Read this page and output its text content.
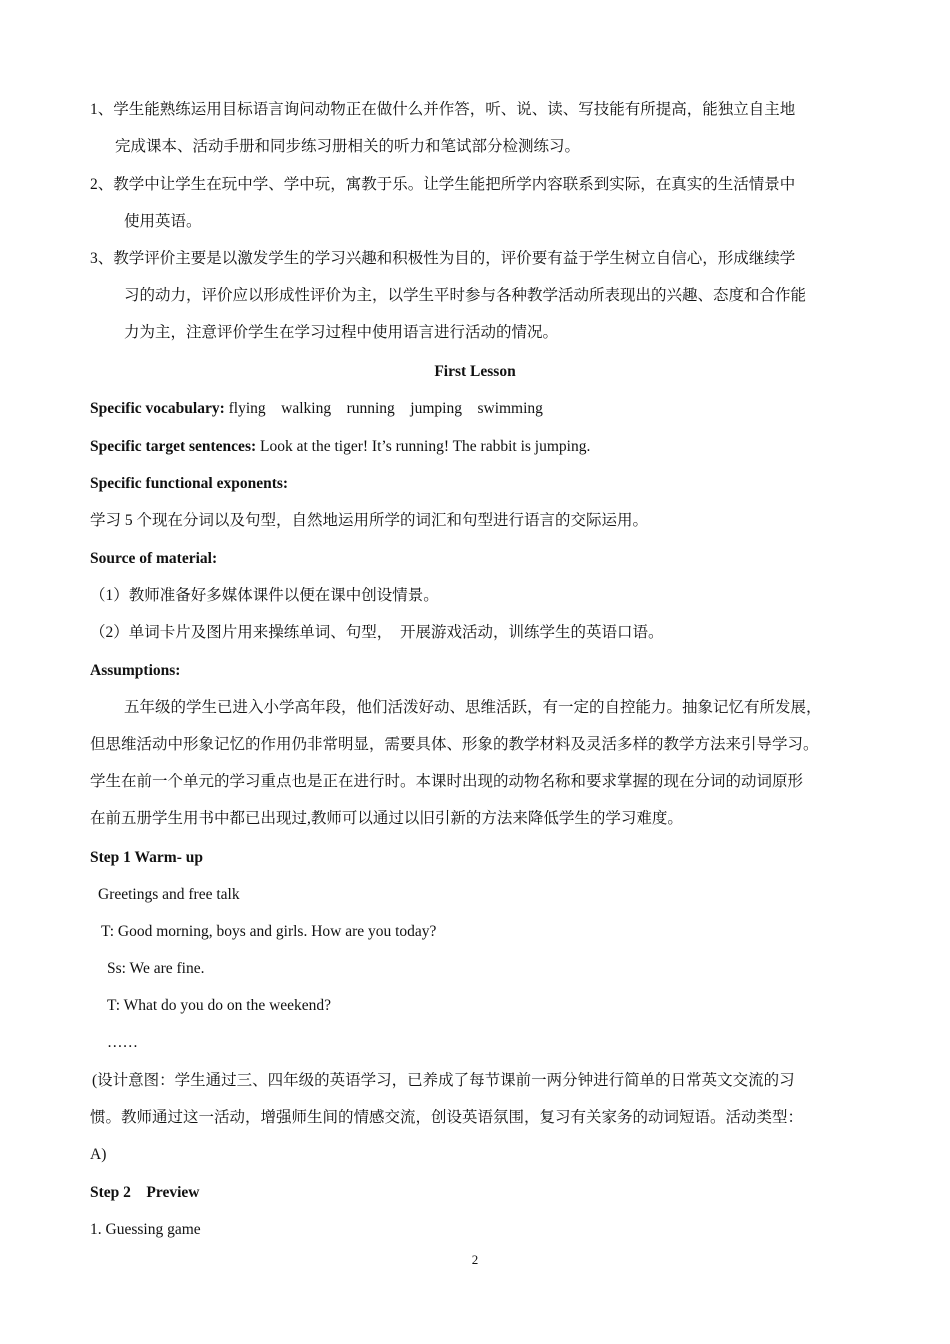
1、学生能熟练运用目标语言询问动物正在做什么并作答，听、说、读、写技能有所提高，能独立自主地
完成课本、活动手册和同步练习册相关的听力和笔试部分检测练习。
2、教学中让学生在玩中学、学中玩，寓教于乐。让学生能把所学内容联系到实际，在真实的生活情景中
使用英语。
3、教学评价主要是以激发学生的学习兴趣和积极性为目的，评价要有益于学生树立自信心，形成继续学
习的动力，评价应以形成性评价为主，以学生平时参与各种教学活动所表现出的兴趣、态度和合作能
力为主，注意评价学生在学习过程中使用语言进行活动的情况。
First Lesson
Specific vocabulary: flying    walking    running    jumping    swimming
Specific target sentences: Look at the tiger! It’s running! The rabbit is jumping.
Specific functional exponents:
学习 5 个现在分词以及句型，自然地运用所学的词汇和句型进行语言的交际运用。
Source of material:
（1）教师准备好多媒体课件以便在课中创设情景。
（2）单词卡片及图片用来操练单词、句型，  开展游戏活动，训练学生的英语口语。
Assumptions:
五年级的学生已进入小学高年段，他们活泼好动、思维活跃，有一定的自控能力。抽象记忆有所发展，
但思维活动中形象记忆的作用仍非常明显，需要具体、形象的教学材料及灵活多样的教学方法来引导学习。
学生在前一个单元的学习重点也是正在进行时。本课时出现的动物名称和要求掌握的现在分词的动词原形
在前五册学生用书中都已出现过,教师可以通过以旧引新的方法来降低学生的学习难度。
Step 1 Warm- up
Greetings and free talk
T: Good morning, boys and girls. How are you today?
Ss: We are fine.
T: What do you do on the weekend?
……
(设计意图：学生通过三、四年级的英语学习，已养成了每节课前一两分钟进行简单的日常英文交流的习
惯。教师通过这一活动，增强师生间的情感交流，创设英语氛围，复习有关家务的动词短语。活动类型：
A)
Step 2    Preview
1. Guessing game
2
